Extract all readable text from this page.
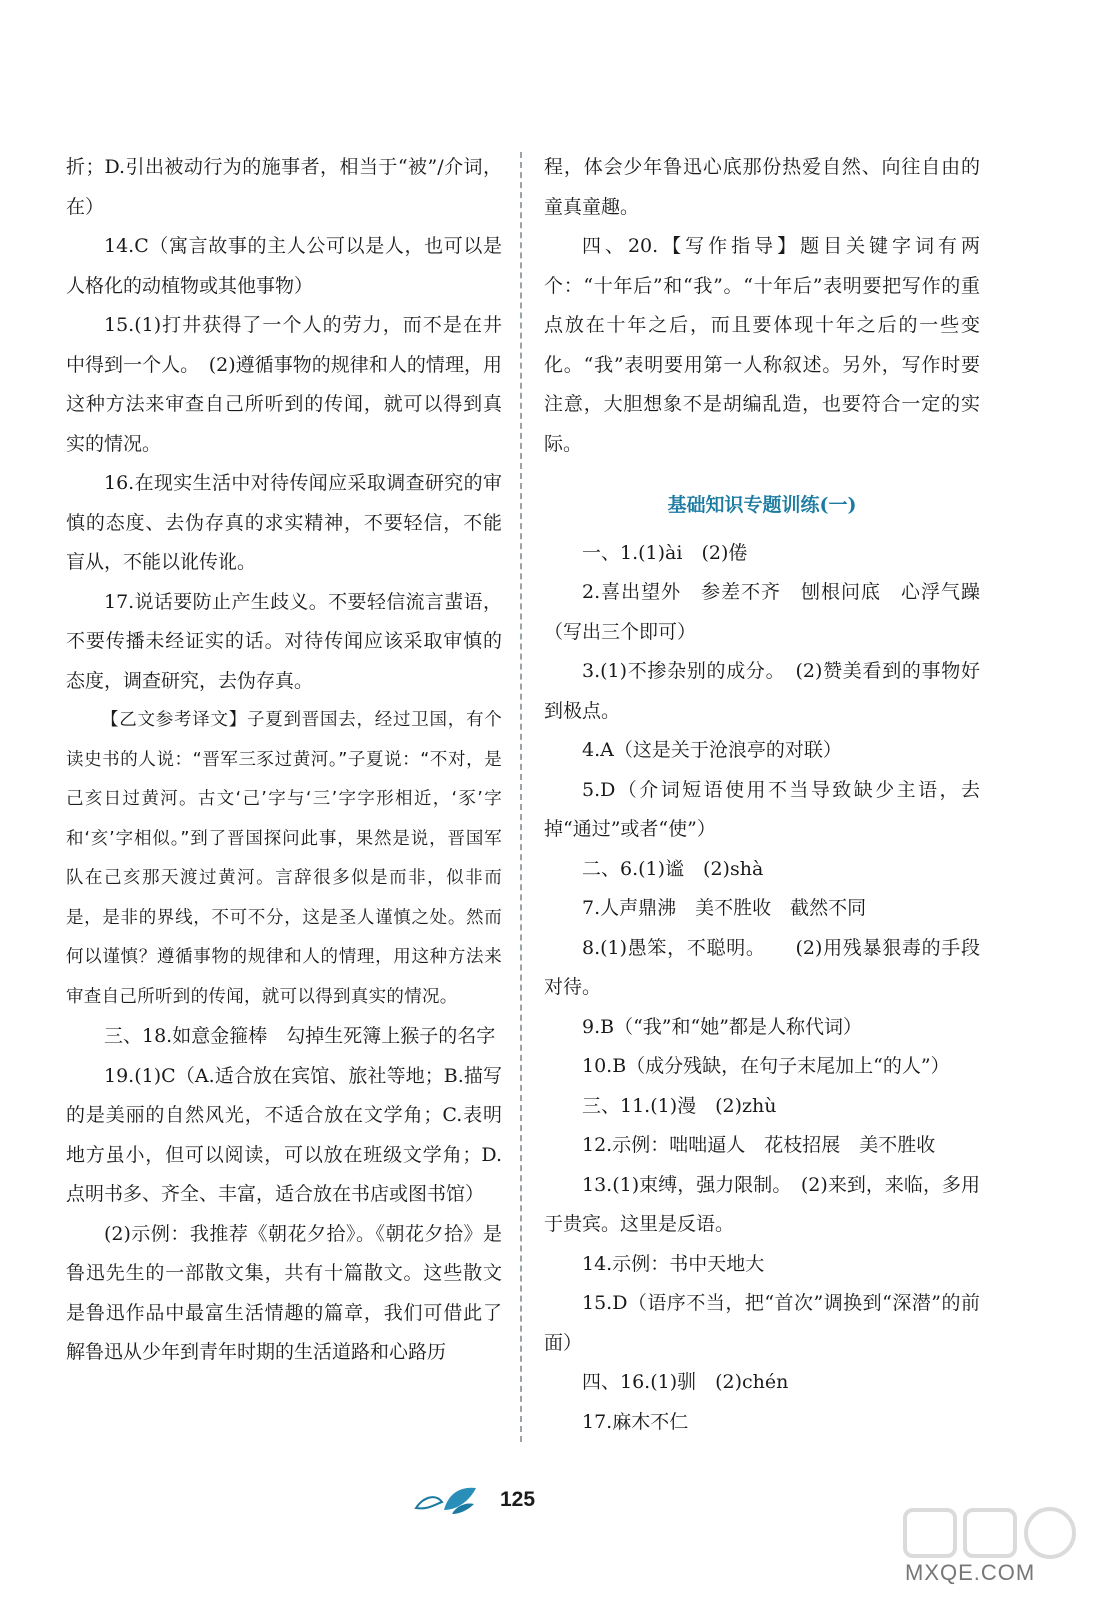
折；D.引出被动行为的施事者，相当于“被”/介词，在）

14.C（寓言故事的主人公可以是人，也可以是人格化的动植物或其他事物）

15.(1)打井获得了一个人的劳力，而不是在井中得到一个人。　(2)遵循事物的规律和人的情理，用这种方法来审查自己所听到的传闻，就可以得到真实的情况。

16.在现实生活中对待传闻应采取调查研究的审慎的态度、去伪存真的求实精神，不要轻信，不能盲从，不能以讹传讹。

17.说话要防止产生歧义。不要轻信流言蜚语，不要传播未经证实的话。对待传闻应该采取审慎的态度，调查研究，去伪存真。

【乙文参考译文】子夏到晋国去，经过卫国，有个读史书的人说：“晋军三豕过黄河。”子夏说：“不对，是己亥日过黄河。古文‘己’字与‘三’字字形相近，‘豕’字和‘亥’字相似。”到了晋国探问此事，果然是说，晋国军队在己亥那天渡过黄河。言辞很多似是而非，似非而是，是非的界线，不可不分，这是圣人谨慎之处。然而何以谨慎？遵循事物的规律和人的情理，用这种方法来审查自己所听到的传闻，就可以得到真实的情况。

三、18.如意金箍棒　勾掉生死簿上猴子的名字

19.(1)C（A.适合放在宾馆、旅社等地；B.描写的是美丽的自然风光，不适合放在文学角；C.表明地方虽小，但可以阅读，可以放在班级文学角；D.点明书多、齐全、丰富，适合放在书店或图书馆）

(2)示例：我推荐《朝花夕拾》。《朝花夕拾》是鲁迅先生的一部散文集，共有十篇散文。这些散文是鲁迅作品中最富生活情趣的篇章，我们可借此了解鲁迅从少年到青年时期的生活道路和心路历

程，体会少年鲁迅心底那份热爱自然、向往自由的童真童趣。

四、20.【写作指导】题目关键字词有两个：“十年后”和“我”。“十年后”表明要把写作的重点放在十年之后，而且要体现十年之后的一些变化。“我”表明要用第一人称叙述。另外，写作时要注意，大胆想象不是胡编乱造，也要符合一定的实际。

基础知识专题训练(一)

一、1.(1)ài　(2)倦

2.喜出望外　参差不齐　刨根问底　心浮气躁（写出三个即可）

3.(1)不掺杂别的成分。　(2)赞美看到的事物好到极点。

4.A（这是关于沧浪亭的对联）

5.D（介词短语使用不当导致缺少主语，去掉“通过”或者“使”）

二、6.(1)谧　(2)shà

7.人声鼎沸　美不胜收　截然不同

8.(1)愚笨，不聪明。　　(2)用残暴狠毒的手段对待。

9.B（“我”和“她”都是人称代词）

10.B（成分残缺，在句子末尾加上“的人”）

三、11.(1)漫　(2)zhù

12.示例：咄咄逼人　花枝招展　美不胜收

13.(1)束缚，强力限制。　(2)来到，来临，多用于贵宾。这里是反语。

14.示例：书中天地大

15.D（语序不当，把“首次”调换到“深潜”的前面）

四、16.(1)驯　(2)chén

17.麻木不仁

125
MXQE.COM
